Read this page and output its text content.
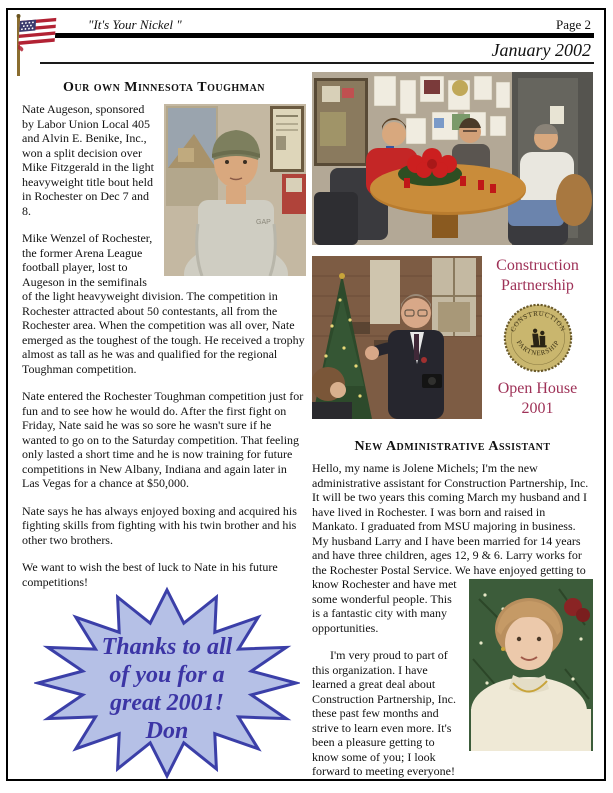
"It's Your Nickel "	Page 2
January 2002
Our own Minnesota Toughman
GAP

Nate Augeson, sponsored by Labor Union Local 405 and Alvin E. Benike, Inc., won a split decision over Mike Fitzgerald in the light heavyweight title bout held in Rochester on Dec 7 and 8.

Mike Wenzel of Rochester, the former Arena League football player, lost to Augeson in the semifinals of the light heavyweight division. The competition in Rochester attracted about 50 contestants, all from the Rochester area. When the competition was all over, Nate emerged as the toughest of the tough. He received a trophy almost as tall as he was and qualified for the regional Toughman competition.

Nate entered the Rochester Toughman competition just for fun and to see how he would do. After the first fight on Friday, Nate said he was so sore he wasn't sure if he wanted to go on to the Saturday competition. That feeling only lasted a short time and he is now training for future competitions in New Albany, Indiana and again later in Las Vegas for a chance at $50,000.

Nate says he has always enjoyed boxing and acquired his fighting skills from fighting with his twin brother and his other two brothers.

We want to wish the best of luck to Nate in his future competitions!

Thanks to all
of you for a
great 2001!
Don
Construction
Partnership
CONSTRUCTION
PARTNERSHIP
Open House
2001
New Administrative Assistant

Hello, my name is Jolene Michels; I'm the new administrative assistant for Construction Partnership, Inc. It will be two years this coming March my husband and I have lived in Rochester. I was born and raised in Mankato. I graduated from MSU majoring in business. My husband Larry and I have been married for 14 years and have three children, ages 12, 9 & 6. Larry works for the Rochester Postal Service. We have enjoyed getting to know Rochester
and have met some wonderful people. This is a fantastic city with many opportunities.

I'm very proud to part of this organization. I have learned a great deal about Construction Partnership, Inc. these past few months and strive to learn even more. It's been a pleasure getting to know some of you; I look forward to meeting everyone!
